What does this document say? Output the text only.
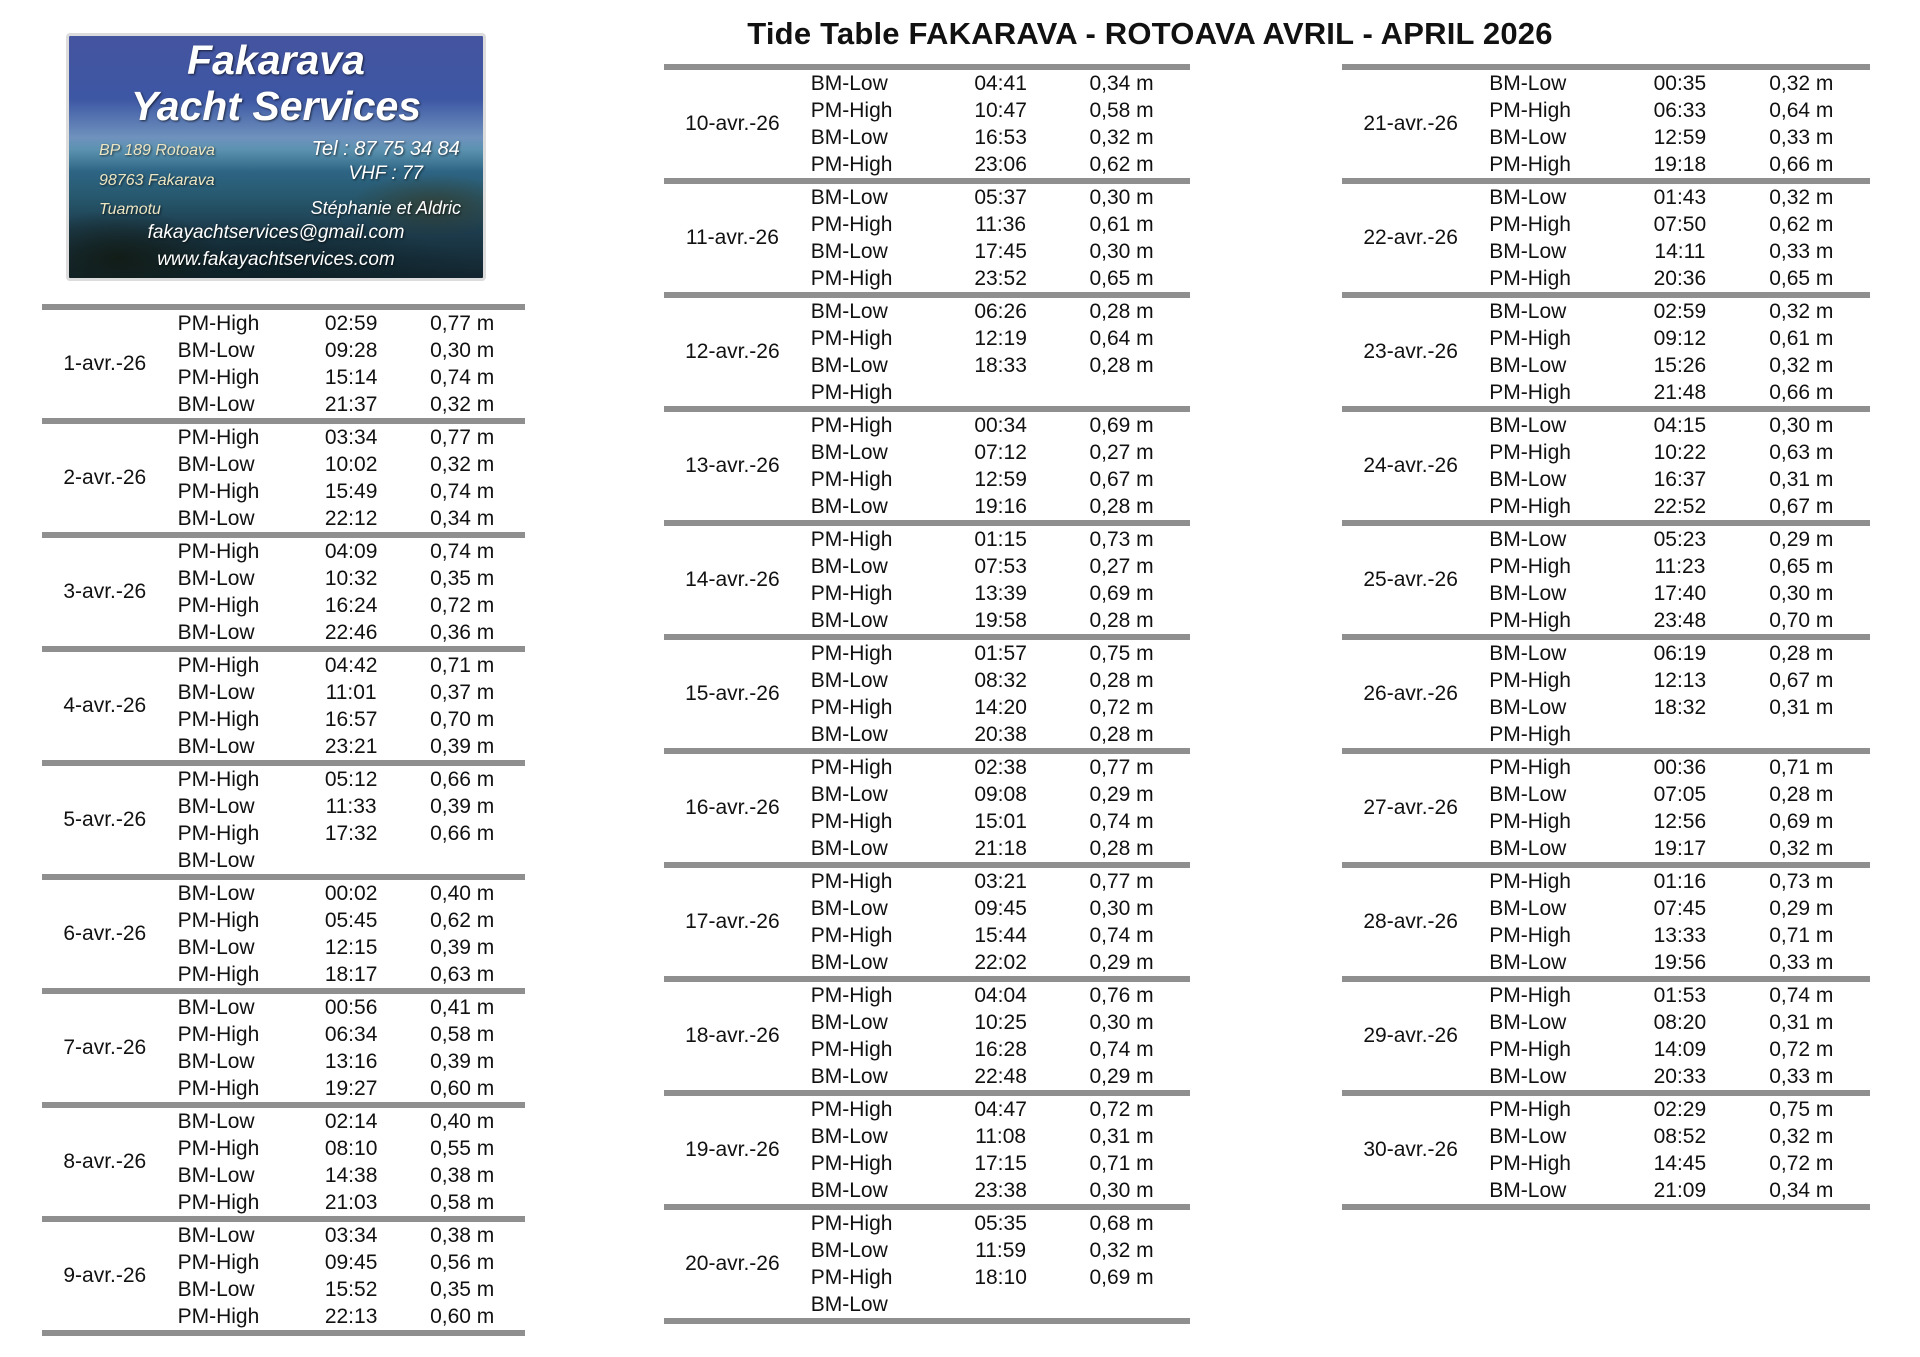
Tide Table FAKARAVA - ROTOAVA AVRIL - APRIL 2026
Fakarava
Yacht Services
BP 189 Rotoava
98763 Fakarava
Tuamotu
Tel : 87 75 34 84
VHF : 77
Stéphanie et Aldric
fakayachtservices@gmail.com
www.fakayachtservices.com
1-avr.-26
PM-High	02:59	0,77 m
BM-Low	09:28	0,30 m
PM-High	15:14	0,74 m
BM-Low	21:37	0,32 m
2-avr.-26
PM-High	03:34	0,77 m
BM-Low	10:02	0,32 m
PM-High	15:49	0,74 m
BM-Low	22:12	0,34 m
3-avr.-26
PM-High	04:09	0,74 m
BM-Low	10:32	0,35 m
PM-High	16:24	0,72 m
BM-Low	22:46	0,36 m
4-avr.-26
PM-High	04:42	0,71 m
BM-Low	11:01	0,37 m
PM-High	16:57	0,70 m
BM-Low	23:21	0,39 m
5-avr.-26
PM-High	05:12	0,66 m
BM-Low	11:33	0,39 m
PM-High	17:32	0,66 m
BM-Low
6-avr.-26
BM-Low	00:02	0,40 m
PM-High	05:45	0,62 m
BM-Low	12:15	0,39 m
PM-High	18:17	0,63 m
7-avr.-26
BM-Low	00:56	0,41 m
PM-High	06:34	0,58 m
BM-Low	13:16	0,39 m
PM-High	19:27	0,60 m
8-avr.-26
BM-Low	02:14	0,40 m
PM-High	08:10	0,55 m
BM-Low	14:38	0,38 m
PM-High	21:03	0,58 m
9-avr.-26
BM-Low	03:34	0,38 m
PM-High	09:45	0,56 m
BM-Low	15:52	0,35 m
PM-High	22:13	0,60 m
10-avr.-26
BM-Low	04:41	0,34 m
PM-High	10:47	0,58 m
BM-Low	16:53	0,32 m
PM-High	23:06	0,62 m
11-avr.-26
BM-Low	05:37	0,30 m
PM-High	11:36	0,61 m
BM-Low	17:45	0,30 m
PM-High	23:52	0,65 m
12-avr.-26
BM-Low	06:26	0,28 m
PM-High	12:19	0,64 m
BM-Low	18:33	0,28 m
PM-High
13-avr.-26
PM-High	00:34	0,69 m
BM-Low	07:12	0,27 m
PM-High	12:59	0,67 m
BM-Low	19:16	0,28 m
14-avr.-26
PM-High	01:15	0,73 m
BM-Low	07:53	0,27 m
PM-High	13:39	0,69 m
BM-Low	19:58	0,28 m
15-avr.-26
PM-High	01:57	0,75 m
BM-Low	08:32	0,28 m
PM-High	14:20	0,72 m
BM-Low	20:38	0,28 m
16-avr.-26
PM-High	02:38	0,77 m
BM-Low	09:08	0,29 m
PM-High	15:01	0,74 m
BM-Low	21:18	0,28 m
17-avr.-26
PM-High	03:21	0,77 m
BM-Low	09:45	0,30 m
PM-High	15:44	0,74 m
BM-Low	22:02	0,29 m
18-avr.-26
PM-High	04:04	0,76 m
BM-Low	10:25	0,30 m
PM-High	16:28	0,74 m
BM-Low	22:48	0,29 m
19-avr.-26
PM-High	04:47	0,72 m
BM-Low	11:08	0,31 m
PM-High	17:15	0,71 m
BM-Low	23:38	0,30 m
20-avr.-26
PM-High	05:35	0,68 m
BM-Low	11:59	0,32 m
PM-High	18:10	0,69 m
BM-Low
21-avr.-26
BM-Low	00:35	0,32 m
PM-High	06:33	0,64 m
BM-Low	12:59	0,33 m
PM-High	19:18	0,66 m
22-avr.-26
BM-Low	01:43	0,32 m
PM-High	07:50	0,62 m
BM-Low	14:11	0,33 m
PM-High	20:36	0,65 m
23-avr.-26
BM-Low	02:59	0,32 m
PM-High	09:12	0,61 m
BM-Low	15:26	0,32 m
PM-High	21:48	0,66 m
24-avr.-26
BM-Low	04:15	0,30 m
PM-High	10:22	0,63 m
BM-Low	16:37	0,31 m
PM-High	22:52	0,67 m
25-avr.-26
BM-Low	05:23	0,29 m
PM-High	11:23	0,65 m
BM-Low	17:40	0,30 m
PM-High	23:48	0,70 m
26-avr.-26
BM-Low	06:19	0,28 m
PM-High	12:13	0,67 m
BM-Low	18:32	0,31 m
PM-High
27-avr.-26
PM-High	00:36	0,71 m
BM-Low	07:05	0,28 m
PM-High	12:56	0,69 m
BM-Low	19:17	0,32 m
28-avr.-26
PM-High	01:16	0,73 m
BM-Low	07:45	0,29 m
PM-High	13:33	0,71 m
BM-Low	19:56	0,33 m
29-avr.-26
PM-High	01:53	0,74 m
BM-Low	08:20	0,31 m
PM-High	14:09	0,72 m
BM-Low	20:33	0,33 m
30-avr.-26
PM-High	02:29	0,75 m
BM-Low	08:52	0,32 m
PM-High	14:45	0,72 m
BM-Low	21:09	0,34 m
